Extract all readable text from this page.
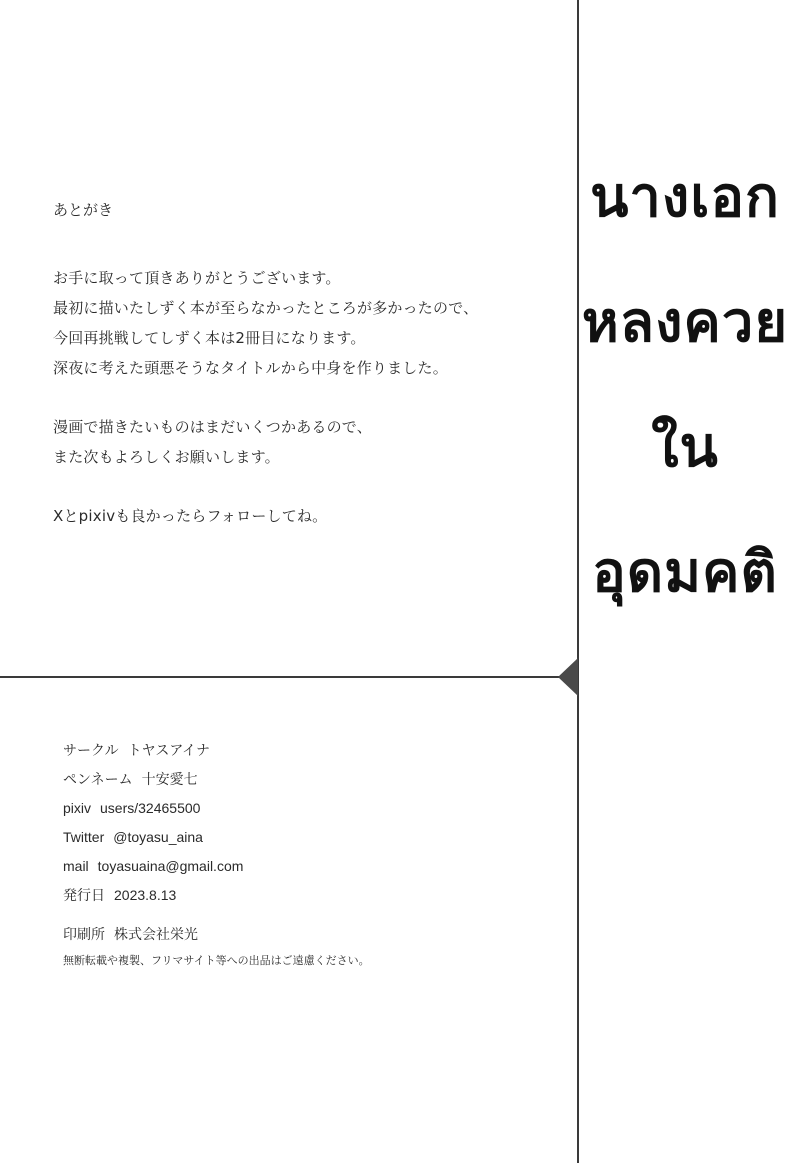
あとがき
お手に取って頂きありがとうございます。
最初に描いたしずく本が至らなかったところが多かったので、
今回再挑戦してしずく本は2冊目になります。
深夜に考えた頭悪そうなタイトルから中身を作りました。
漫画で描きたいものはまだいくつかあるので、
また次もよろしくお願いします。
Xとpixivも良かったらフォローしてね。
サークル トヤスアイナ
ペンネーム 十安愛七
pixiv users/32465500
Twitter @toyasu_aina
mail toyasuaina@gmail.com
発行日 2023.8.13
印刷所 株式会社栄光
無断転載や複製、フリマサイト等への出品はご遠慮ください。
นางเอก
หลงควย
ใน
อุดมคติ
